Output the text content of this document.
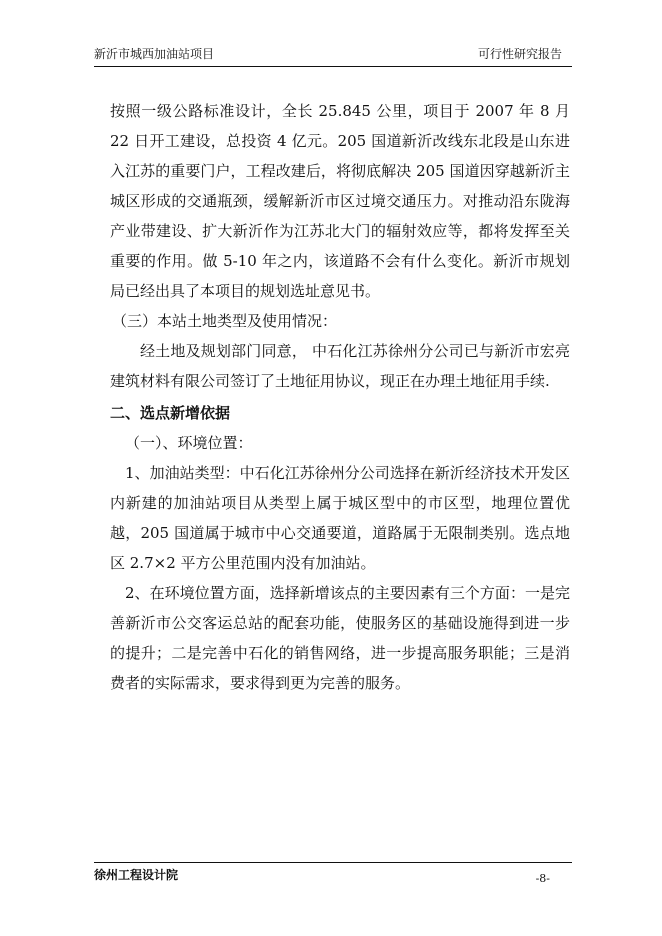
新沂市城西加油站项目	可行性研究报告

按照一级公路标准设计，全长 25.845 公里，项目于 2007 年 8 月 22 日开工建设，总投资 4 亿元。205 国道新沂改线东北段是山东进入江苏的重要门户，工程改建后，将彻底解决 205 国道因穿越新沂主城区形成的交通瓶颈，缓解新沂市区过境交通压力。对推动沿东陇海产业带建设、扩大新沂作为江苏北大门的辐射效应等，都将发挥至关重要的作用。做 5-10 年之内，该道路不会有什么变化。新沂市规划局已经出具了本项目的规划选址意见书。

（三）本站土地类型及使用情况：

经土地及规划部门同意， 中石化江苏徐州分公司已与新沂市宏亮建筑材料有限公司签订了土地征用协议，现正在办理土地征用手续.

二、选点新增依据

（一）、环境位置：

1、加油站类型：中石化江苏徐州分公司选择在新沂经济技术开发区内新建的加油站项目从类型上属于城区型中的市区型，地理位置优越，205 国道属于城市中心交通要道，道路属于无限制类别。选点地区 2.7×2 平方公里范围内没有加油站。

2、在环境位置方面，选择新增该点的主要因素有三个方面：一是完善新沂市公交客运总站的配套功能，使服务区的基础设施得到进一步的提升；二是完善中石化的销售网络，进一步提高服务职能；三是消费者的实际需求，要求得到更为完善的服务。

徐州工程设计院	-8-
